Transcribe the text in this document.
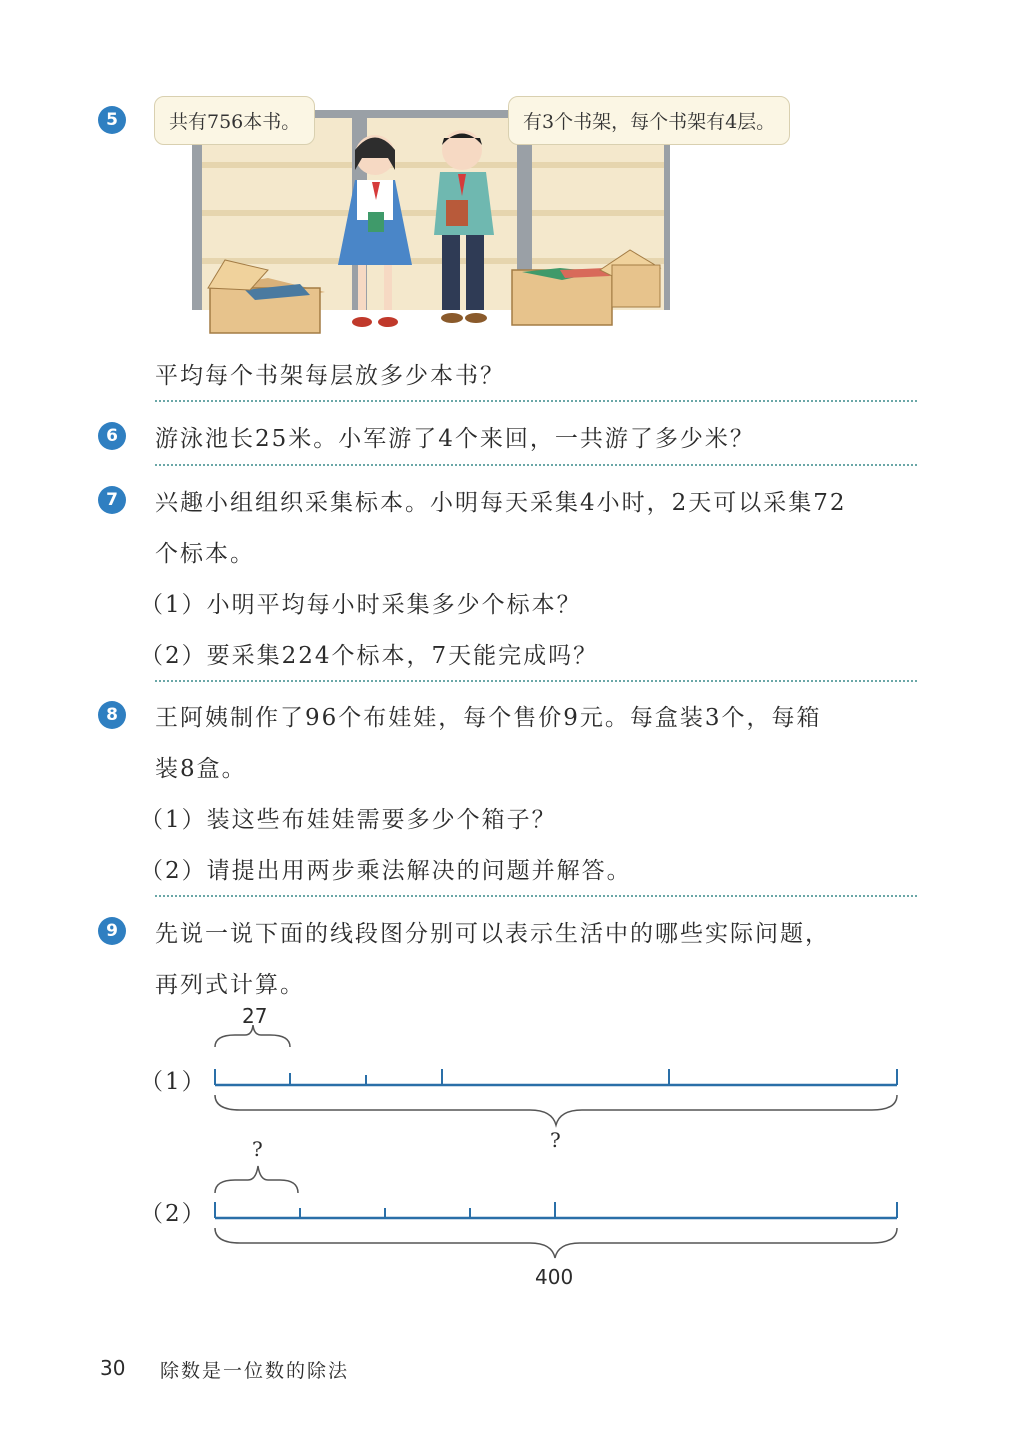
5	共有756本书。	有3个书架，每个书架有4层。
平均每个书架每层放多少本书？
6	游泳池长25米。小军游了4个来回，一共游了多少米？
7	兴趣小组组织采集标本。小明每天采集4小时，2天可以采集72
个标本。
（1）小明平均每小时采集多少个标本？
（2）要采集224个标本，7天能完成吗？
8	王阿姨制作了96个布娃娃，每个售价9元。每盒装3个，每箱
装8盒。
（1）装这些布娃娃需要多少个箱子？
（2）请提出用两步乘法解决的问题并解答。
9	先说一说下面的线段图分别可以表示生活中的哪些实际问题，
再列式计算。
（1）
27
?
?
（2）
400
30 除数是一位数的除法
